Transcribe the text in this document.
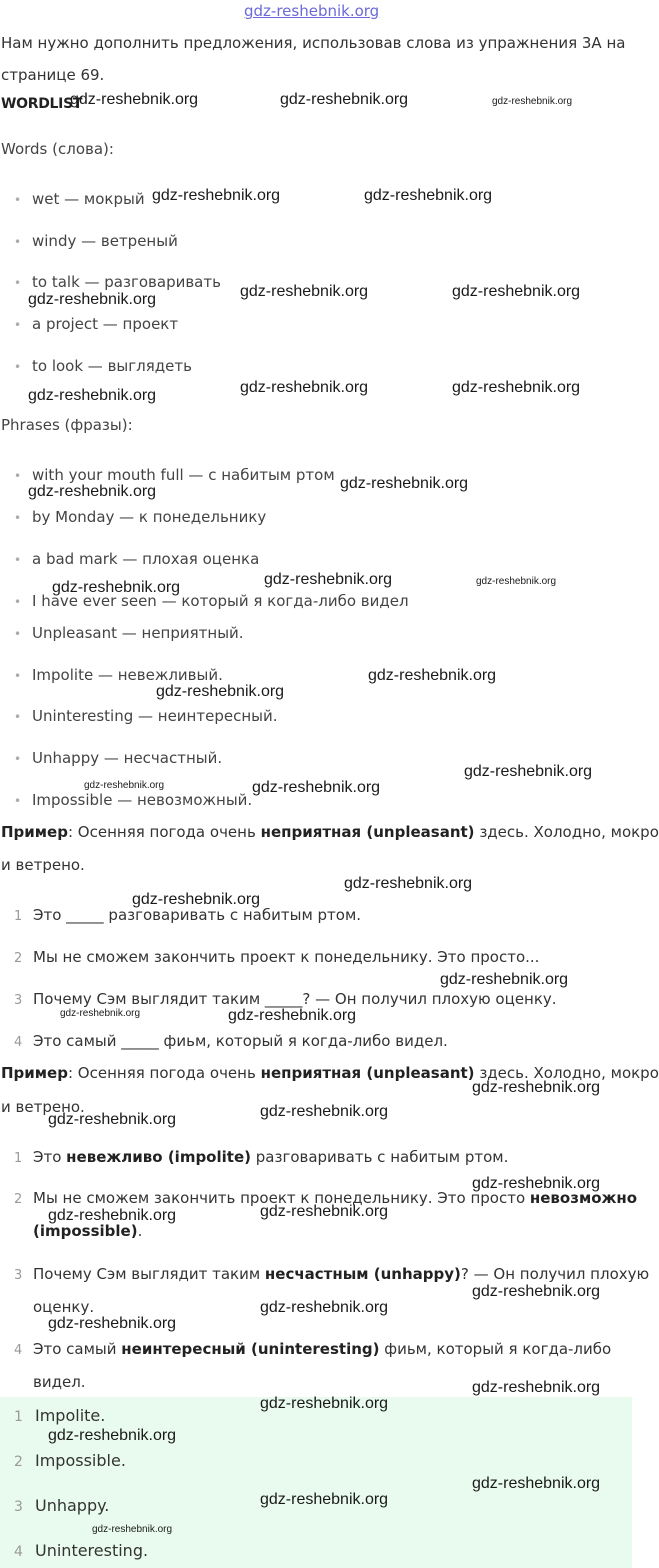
gdz-reshebnik.org
Нам нужно дополнить предложения, использовав слова из упражнения 3А на
странице 69.
WORDLIST
Words (слова):
• wet — мокрый
• windy — ветреный
• to talk — разговаривать
• a project — проект
• to look — выглядеть
Phrases (фразы):
• with your mouth full — с набитым ртом
• by Monday — к понедельнику
• a bad mark — плохая оценка
• I have ever seen — который я когда-либо видел
• Unpleasant — неприятный.
• Impolite — невежливый.
• Uninteresting — неинтересный.
• Unhappy — несчастный.
• Impossible — невозможный.
Пример: Осенняя погода очень неприятная (unpleasant) здесь. Холодно, мокро
и ветрено.
1 Это _____ разговаривать с набитым ртом.
2 Мы не сможем закончить проект к понедельнику. Это просто...
3 Почему Сэм выглядит таким _____? — Он получил плохую оценку.
4 Это самый _____ фиьм, который я когда-либо видел.
Пример: Осенняя погода очень неприятная (unpleasant) здесь. Холодно, мокро
и ветрено.
1 Это невежливо (impolite) разговаривать с набитым ртом.
2 Мы не сможем закончить проект к понедельнику. Это просто невозможно
(impossible).
3 Почему Сэм выглядит таким несчастным (unhappy)? — Он получил плохую
оценку.
4 Это самый неинтересный (uninteresting) фиьм, который я когда-либо
видел.
1 Impolite.
2 Impossible.
3 Unhappy.
4 Uninteresting.
gdz-reshebnik.org	gdz-reshebnik.org	gdz-reshebnik.org
gdz-reshebnik.org	gdz-reshebnik.org
gdz-reshebnik.org	gdz-reshebnik.org	gdz-reshebnik.org
gdz-reshebnik.org	gdz-reshebnik.org	gdz-reshebnik.org
gdz-reshebnik.org	gdz-reshebnik.org
gdz-reshebnik.org	gdz-reshebnik.org	gdz-reshebnik.org
gdz-reshebnik.org
gdz-reshebnik.org
gdz-reshebnik.org	gdz-reshebnik.org
gdz-reshebnik.org
gdz-reshebnik.org
gdz-reshebnik.org
gdz-reshebnik.org
gdz-reshebnik.org	gdz-reshebnik.org
gdz-reshebnik.org
gdz-reshebnik.org	gdz-reshebnik.org
gdz-reshebnik.org
gdz-reshebnik.org	gdz-reshebnik.org
gdz-reshebnik.org
gdz-reshebnik.org
gdz-reshebnik.org
gdz-reshebnik.org
gdz-reshebnik.org
gdz-reshebnik.org
gdz-reshebnik.org
gdz-reshebnik.org
gdz-reshebnik.org
